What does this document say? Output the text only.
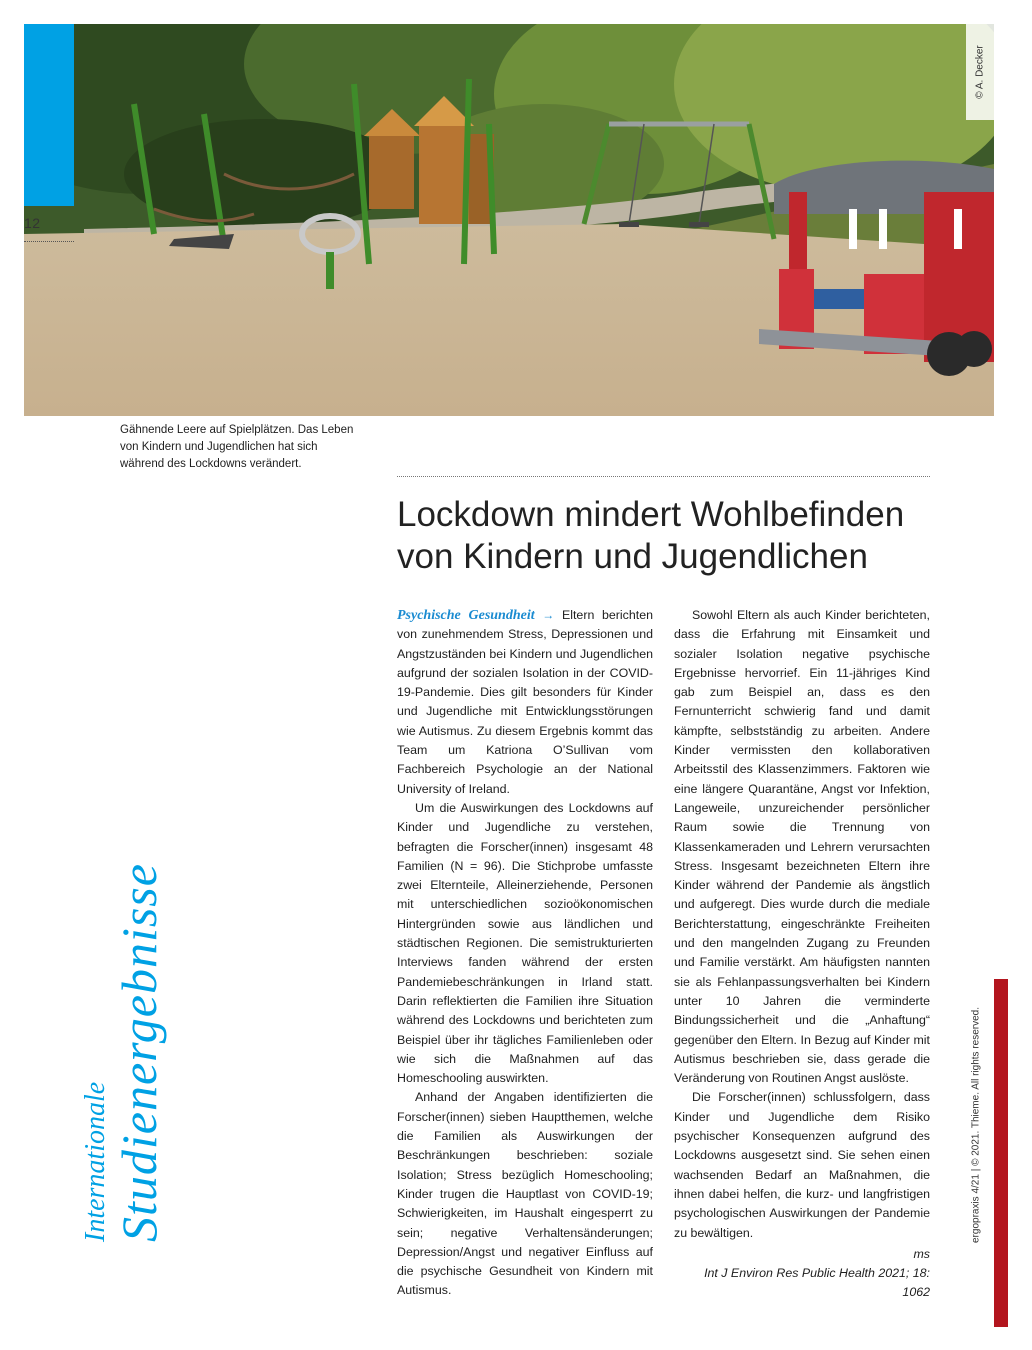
12
© A. Decker
Gähnende Leere auf Spielplätzen. Das Leben von Kindern und Jugendlichen hat sich während des Lockdowns verändert.
Internationale Studienergebnisse
Lockdown mindert Wohlbefinden
von Kindern und Jugendlichen

Psychische Gesundheit → Eltern berichten von zunehmendem Stress, Depressionen und Angstzuständen bei Kindern und Jugendlichen aufgrund der sozialen Isolation in der COVID-19-Pandemie. Dies gilt besonders für Kinder und Jugendliche mit Entwicklungsstörungen wie Autismus. Zu diesem Ergebnis kommt das Team um Katriona O’Sullivan vom Fachbereich Psychologie an der National University of Ireland.

Um die Auswirkungen des Lockdowns auf Kinder und Jugendliche zu verstehen, befragten die Forscher(innen) insgesamt 48 Familien (N = 96). Die Stichprobe umfasste zwei Elternteile, Alleinerziehende, Personen mit unterschiedlichen sozioökonomischen Hintergründen sowie aus ländlichen und städtischen Regionen. Die semistrukturierten Interviews fanden während der ersten Pandemiebeschränkungen in Irland statt. Darin reflektierten die Familien ihre Situation während des Lockdowns und berichteten zum Beispiel über ihr tägliches Familienleben oder wie sich die Maßnahmen auf das Homeschooling auswirkten.

Anhand der Angaben identifizierten die Forscher(innen) sieben Hauptthemen, welche die Familien als Auswirkungen der Beschränkungen beschrieben: soziale Isolation; Stress bezüglich Homeschooling; Kinder trugen die Hauptlast von COVID-19; Schwierigkeiten, im Haushalt eingesperrt zu sein; negative Verhaltensänderungen; Depression/Angst und negativer Einfluss auf die psychische Gesundheit von Kindern mit Autismus.

Sowohl Eltern als auch Kinder berichteten, dass die Erfahrung mit Einsamkeit und sozialer Isolation negative psychische Ergebnisse hervorrief. Ein 11-jähriges Kind gab zum Beispiel an, dass es den Fernunterricht schwierig fand und damit kämpfte, selbstständig zu arbeiten. Andere Kinder vermissten den kollaborativen Arbeitsstil des Klassenzimmers. Faktoren wie eine längere Quarantäne, Angst vor Infektion, Langeweile, unzureichender persönlicher Raum sowie die Trennung von Klassenkameraden und Lehrern verursachten Stress. Insgesamt bezeichneten Eltern ihre Kinder während der Pandemie als ängstlich und aufgeregt. Dies wurde durch die mediale Berichterstattung, eingeschränkte Freiheiten und den mangelnden Zugang zu Freunden und Familie verstärkt. Am häufigsten nannten sie als Fehlanpassungsverhalten bei Kindern unter 10 Jahren die verminderte Bindungssicherheit und die „Anhaftung“ gegenüber den Eltern. In Bezug auf Kinder mit Autismus beschrieben sie, dass gerade die Veränderung von Routinen Angst auslöste.

Die Forscher(innen) schlussfolgern, dass Kinder und Jugendliche dem Risiko psychischer Konsequenzen aufgrund des Lockdowns ausgesetzt sind. Sie sehen einen wachsenden Bedarf an Maßnahmen, die ihnen dabei helfen, die kurz- und langfristigen psychologischen Auswirkungen der Pandemie zu bewältigen.

ms
Int J Environ Res Public Health 2021; 18: 1062
ergopraxis 4/21 | © 2021. Thieme. All rights reserved.
